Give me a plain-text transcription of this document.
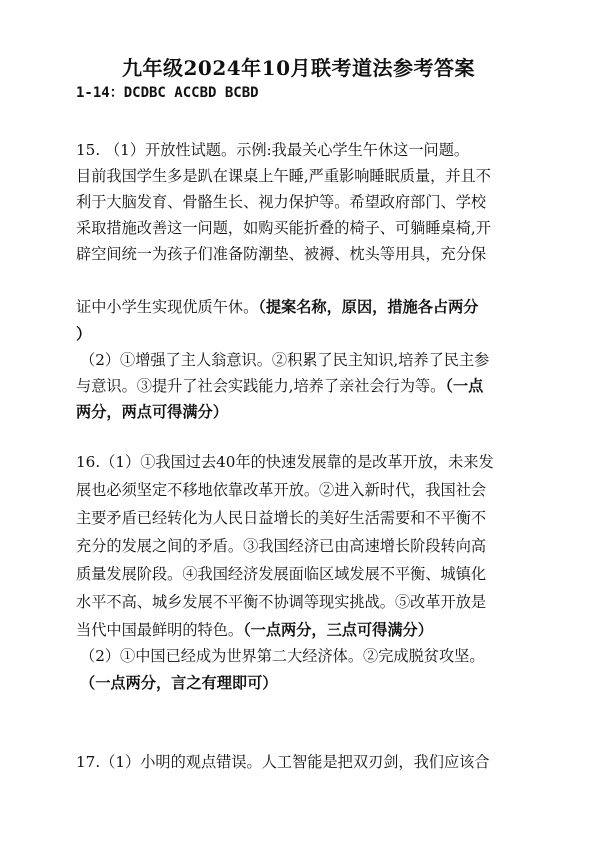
九年级2024年10月联考道法参考答案
1-14：DCDBC ACCBD BCBD
15. （1）开放性试题。示例:我最关心学生午休这一问题。
目前我国学生多是趴在课桌上午睡,严重影响睡眠质量，并且不
利于大脑发育、骨骼生长、视力保护等。希望政府部门、学校
采取措施改善这一问题，如购买能折叠的椅子、可躺睡桌椅,开
辟空间统一为孩子们准备防潮垫、被褥、枕头等用具，充分保
证中小学生实现优质午休。（提案名称，原因，措施各占两分
）
（2）①增强了主人翁意识。②积累了民主知识,培养了民主参
与意识。③提升了社会实践能力,培养了亲社会行为等。（一点
两分，两点可得满分）
16.（1）①我国过去40年的快速发展靠的是改革开放，未来发
展也必须坚定不移地依靠改革开放。②进入新时代，我国社会
主要矛盾已经转化为人民日益增长的美好生活需要和不平衡不
充分的发展之间的矛盾。③我国经济已由高速增长阶段转向高
质量发展阶段。④我国经济发展面临区域发展不平衡、城镇化
水平不高、城乡发展不平衡不协调等现实挑战。⑤改革开放是
当代中国最鲜明的特色。（一点两分，三点可得满分）
（2）①中国已经成为世界第二大经济体。②完成脱贫攻坚。
（一点两分，言之有理即可）
17.（1）小明的观点错误。人工智能是把双刃剑，我们应该合
